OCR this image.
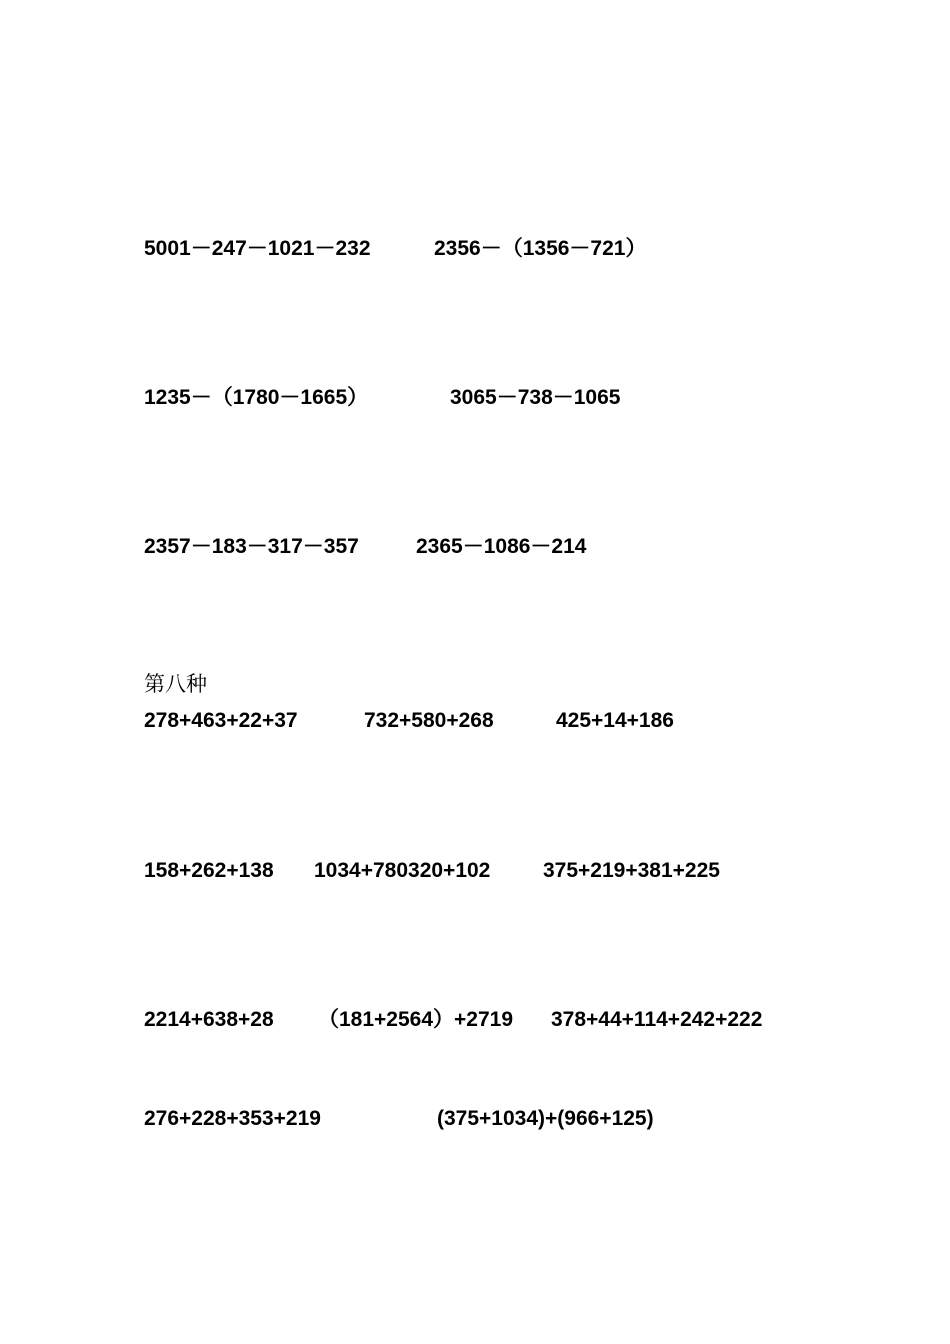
5001－247－1021－232	2356－（1356－721）
1235－（1780－1665）	3065－738－1065
2357－183－317－357	2365－1086－214
第八种
278+463+22+37	732+580+268	425+14+186
158+262+138 1034+780320+102	375+219+381+225
2214+638+28 （181+2564）+2719 378+44+114+242+222
276+228+353+219	(375+1034)+(966+125)
